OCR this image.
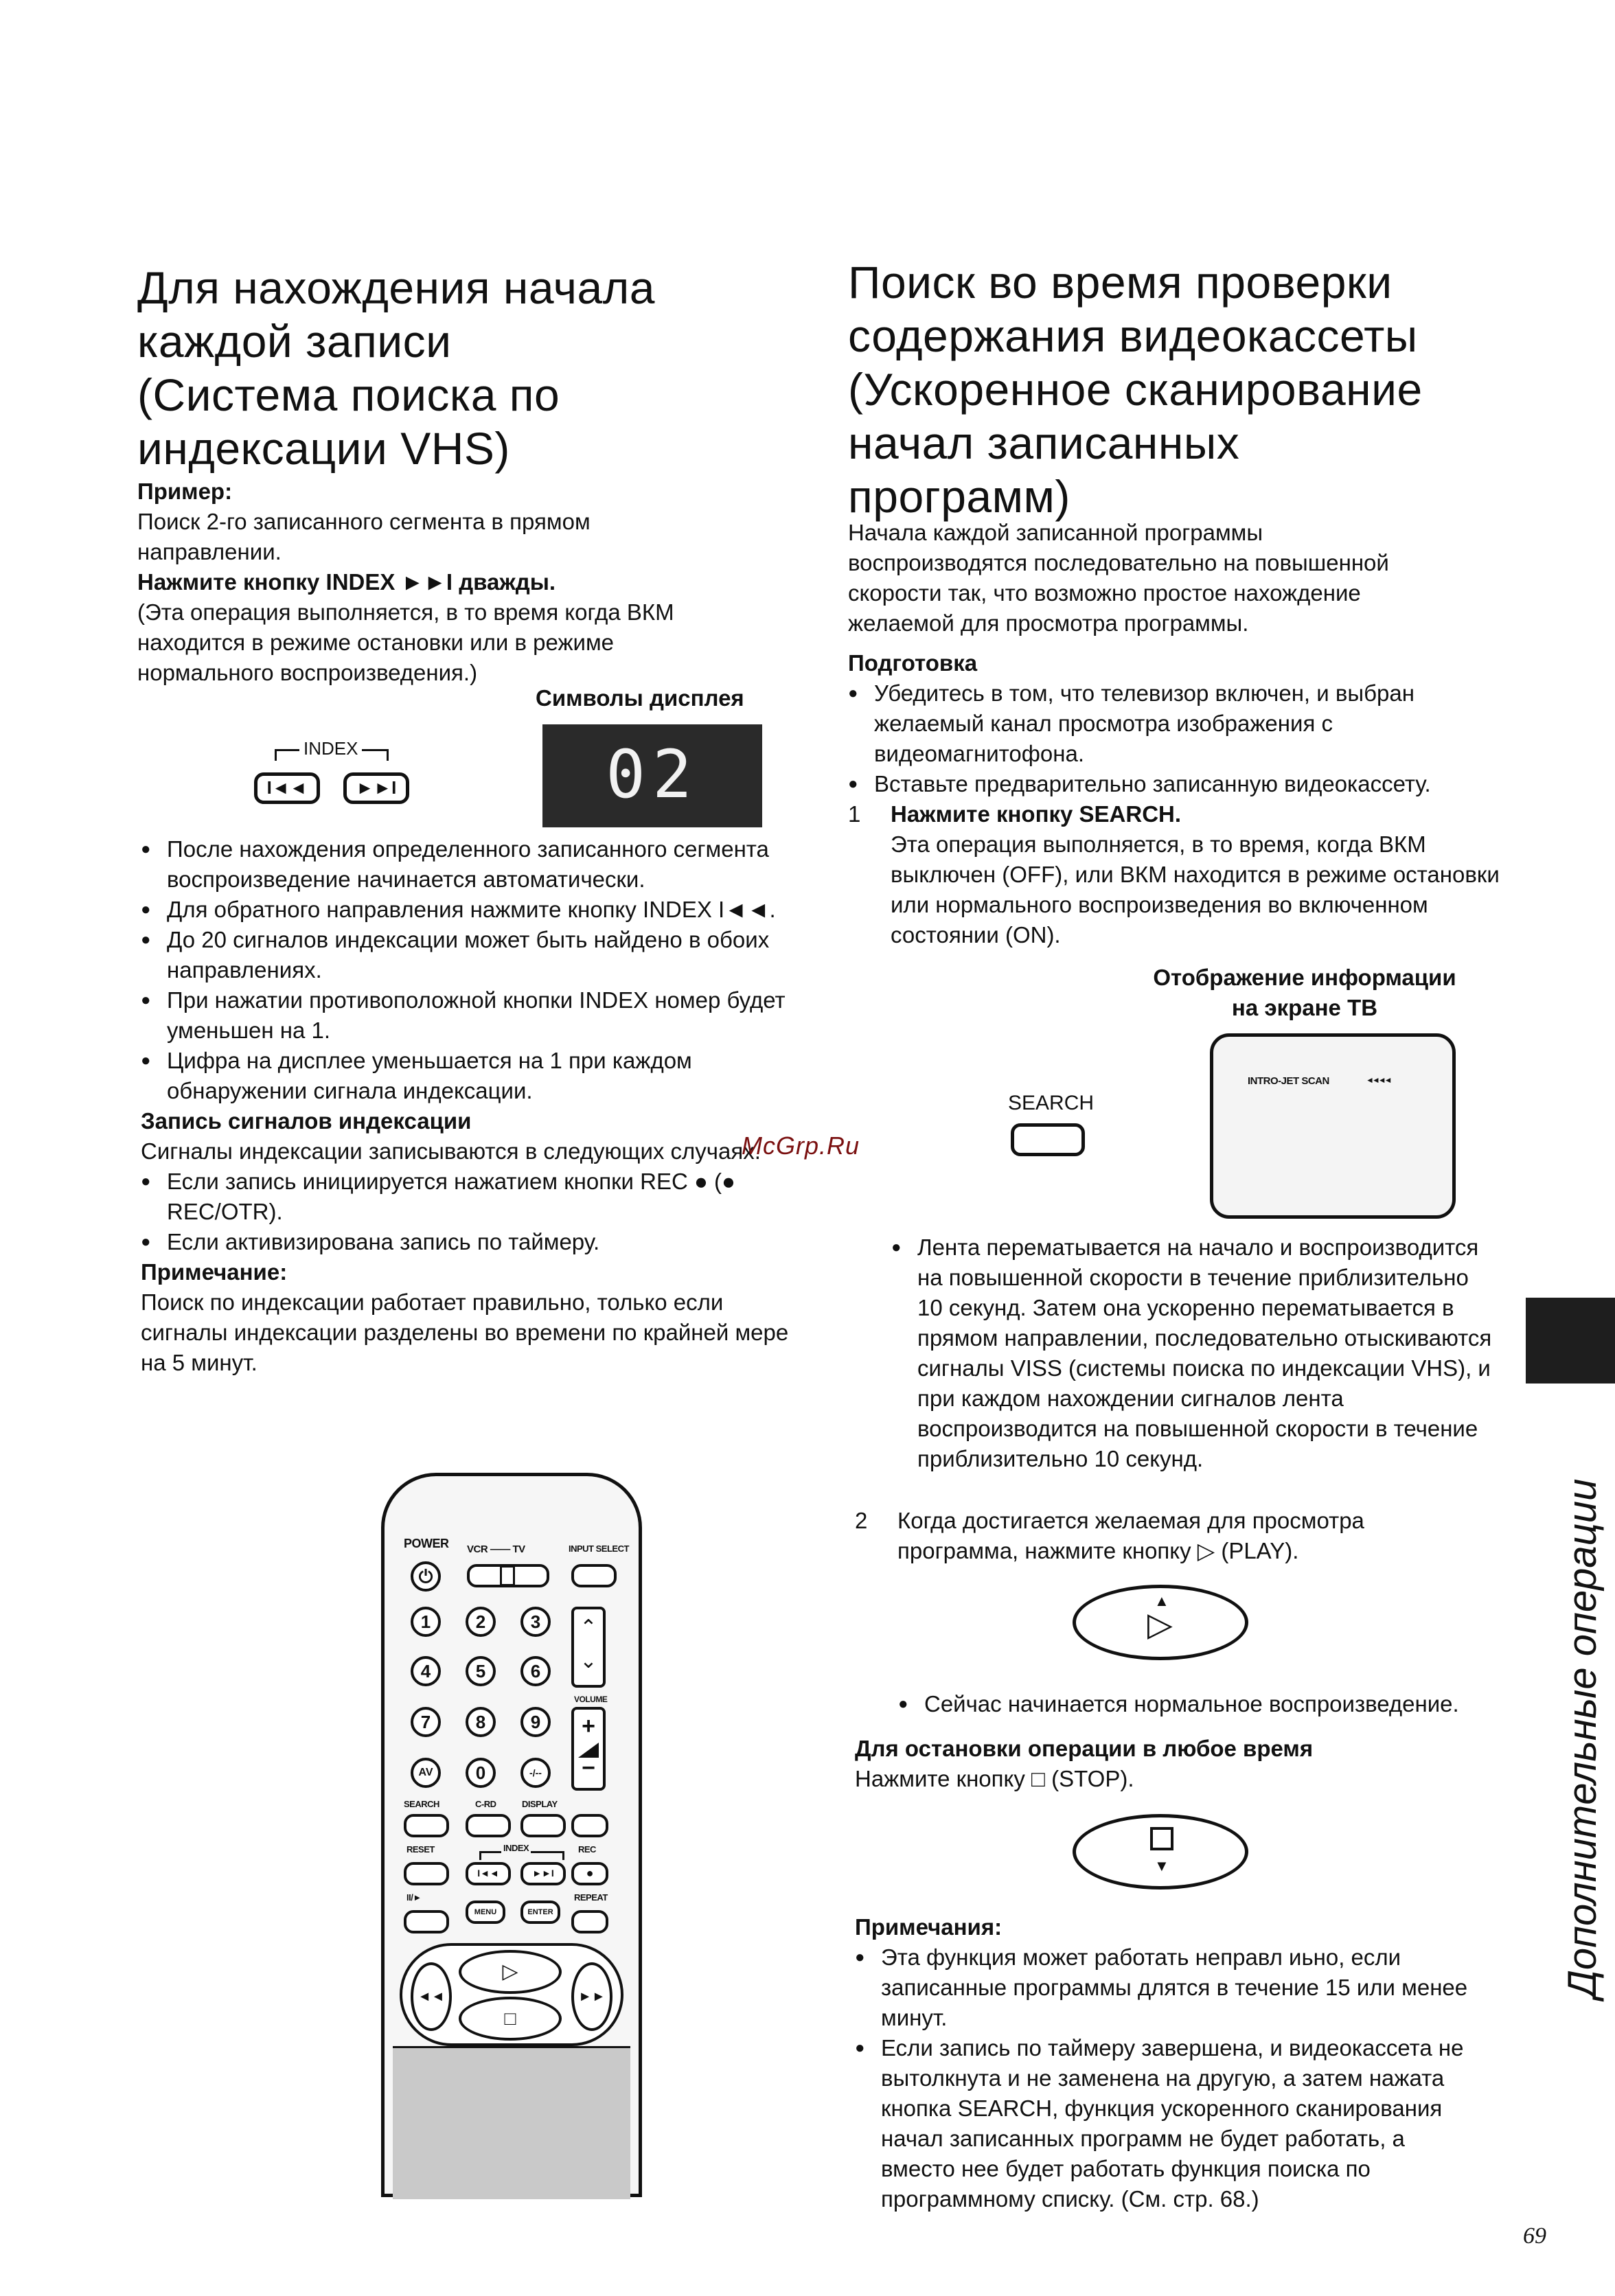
Для нахождения начала
каждой записи
(Система поиска по
индексации VHS)
Пример:
Поиск 2-го записанного сегмента в прямом
направлении.
Нажмите кнопку INDEX ►►I дважды.
(Эта операция выполняется, в то время когда ВКМ
находится в режиме остановки или в режиме
нормального воспроизведения.)
Символы дисплея
INDEX
I◄◄	►►I	02
● После нахождения определенного записанного сегмента воспроизведение начинается автоматически.
● Для обратного направления нажмите кнопку INDEX I◄◄.
● До 20 сигналов индексации может быть найдено в обоих направлениях.
● При нажатии противоположной кнопки INDEX номер будет уменьшен на 1.
● Цифра на дисплее уменьшается на 1 при каждом обнаружении сигнала индексации.
Запись сигналов индексации
Сигналы индексации записываются в следующих случаях.
● Если запись инициируется нажатием кнопки REC ● (● REC/OTR).
● Если активизирована запись по таймеру.
Примечание:
Поиск по индексации работает правильно, только если сигналы индексации разделены во времени по крайней мере на 5 минут.
McGrp.Ru
POWER VCR —— TV	INPUT SELECT
⏻
1	2	3
4	5	6
7	8	9
AV	0	-/--
⌃
⌄
VOLUME
+
−
SEARCH	C-RD	DISPLAY
RESET	INDEX	REC
I◄◄	►►I	●
II/►	REPEAT
MENU	ENTER
▷
□
◄◄	►►
Поиск во время проверки
содержания видеокассеты
(Ускоренное сканирование
начал записанных
программ)
Начала каждой записанной программы
воспроизводятся последовательно на повышенной
скорости так, что возможно простое нахождение
желаемой для просмотра программы.
Подготовка
● Убедитесь в том, что телевизор включен, и выбран желаемый канал просмотра изображения с видеомагнитофона.
● Вставьте предварительно записанную видеокассету.
1 Нажмите кнопку SEARCH.
Эта операция выполняется, в то время, когда ВКМ выключен (OFF), или ВКМ находится в режиме остановки или нормального воспроизведения во включенном состоянии (ON).
Отображение информации
на экране ТВ
SEARCH
INTRO-JET SCAN	◄◄◄◄
● Лента перематывается на начало и воспроизводится на повышенной скорости в течение приблизительно 10 секунд. Затем она ускоренно перематывается в прямом направлении, последовательно отыскиваются сигналы VISS (системы поиска по индексации VHS), и при каждом нахождении сигналов лента воспроизводится на повышенной скорости в течение приблизительно 10 секунд.
2 Когда достигается желаемая для просмотра программа, нажмите кнопку ▷ (PLAY).
▲
▷
● Сейчас начинается нормальное воспроизведение.
Для остановки операции в любое время
Нажмите кнопку □ (STOP).
▼
Примечания:
● Эта функция может работать неправл иьно, если записанные программы длятся в течение 15 или менее минут.
● Если запись по таймеру завершена, и видеокассета не вытолкнута и не заменена на другую, а затем нажата кнопка SEARCH, функция ускоренного сканирования начал записанных программ не будет работать, а вместо нее будет работать функция поиска по программному списку. (См. стр. 68.)
Дополнительные операции
69
